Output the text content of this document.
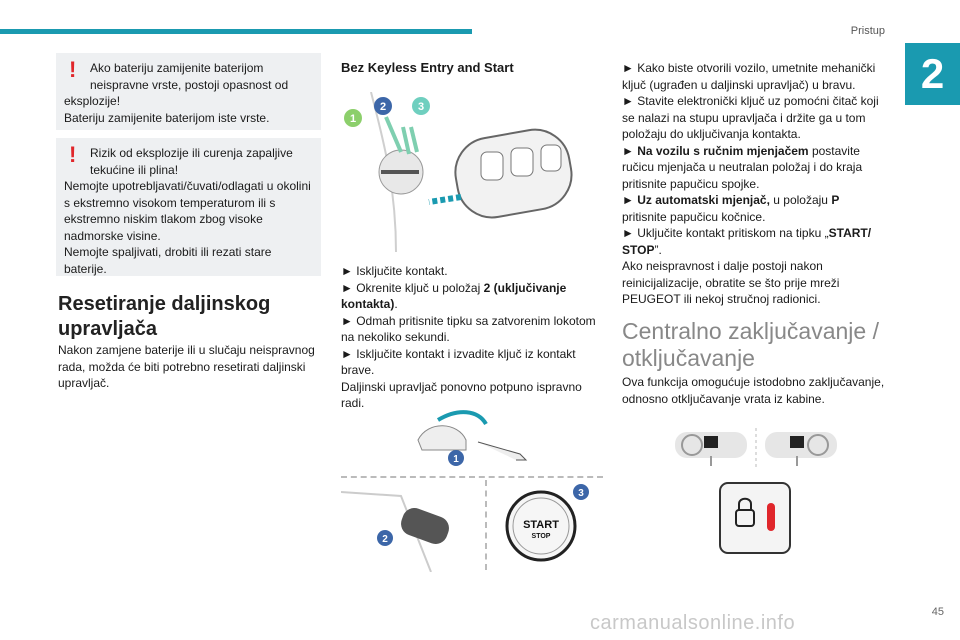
Pristup
2
!	Ako bateriju zamijenite baterijom neispravne vrste, postoji opasnost od

eksplozije!

Bateriju zamijenite baterijom iste vrste.

!	Rizik od eksplozije ili curenja zapaljive tekućine ili plina!

Nemojte upotrebljavati/čuvati/odlagati u okolini s ekstremno visokom temperaturom ili s ekstremno niskim tlakom zbog visoke nadmorske visine.

Nemojte spaljivati, drobiti ili rezati stare baterije.

Resetiranje daljinskog upravljača
Nakon zamjene baterije ili u slučaju neispravnog rada, možda će biti potrebno resetirati daljinski upravljač.
Bez Keyless Entry and Start
1
2	3

► Isključite kontakt.

► Okrenite ključ u položaj 2 (uključivanje kontakta).

► Odmah pritisnite tipku sa zatvorenim lokotom na nekoliko sekundi.

► Isključite kontakt i izvadite ključ iz kontakt brave.

Daljinski upravljač ponovno potpuno ispravno radi.

1
2
START
STOP
3

► Kako biste otvorili vozilo, umetnite mehanički ključ (ugrađen u daljinski upravljač) u bravu.

► Stavite elektronički ključ uz pomoćni čitač koji se nalazi na stupu upravljača i držite ga u tom položaju do uključivanja kontakta.

► Na vozilu s ručnim mjenjačem postavite ručicu mjenjača u neutralan položaj i do kraja pritisnite papučicu spojke.

► Uz automatski mjenjač, u položaju P pritisnite papučicu kočnice.

► Uključite kontakt pritiskom na tipku „START/ STOP”.

Ako neispravnost i dalje postoji nakon reinicijalizacije, obratite se što prije mreži PEUGEOT ili nekoj stručnoj radionici.

Centralno zaključavanje / otključavanje
Ova funkcija omogućuje istodobno zaključavanje, odnosno otključavanje vrata iz kabine.
45
carmanualsonline.info
